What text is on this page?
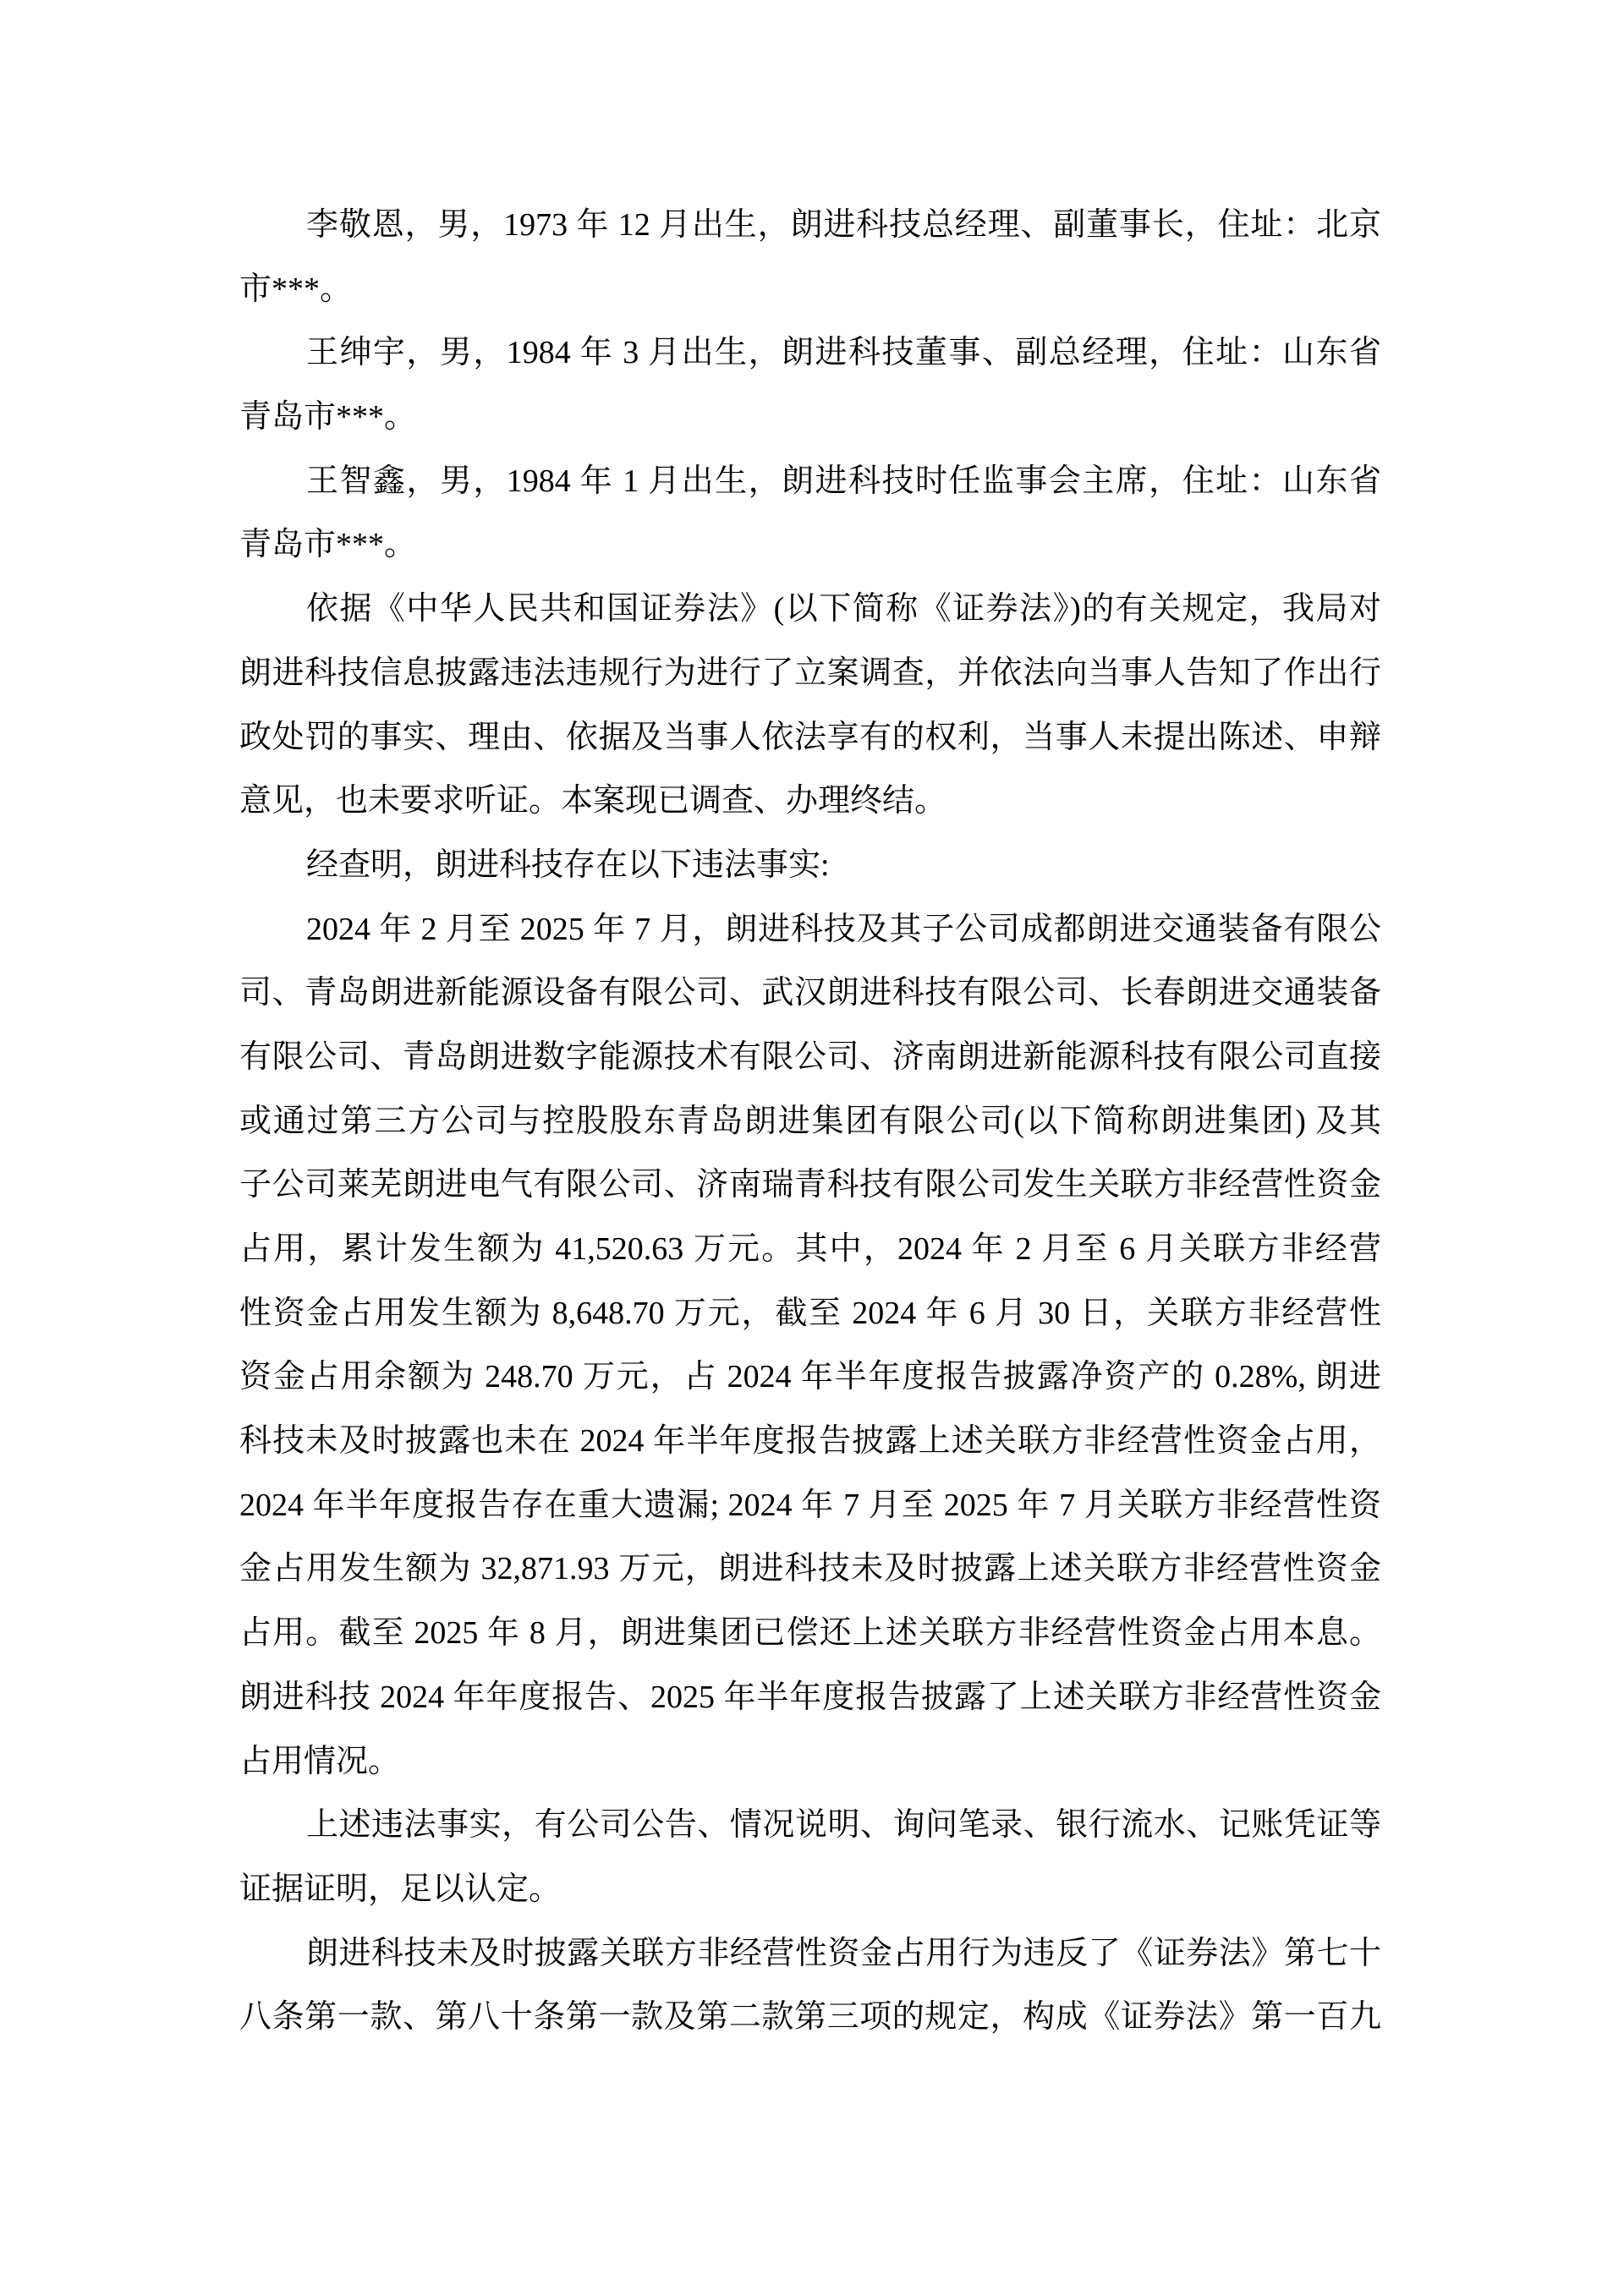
李敬恩，男，1973 年 12 月出生，朗进科技总经理、副董事长，住址：北京
市***。
王绅宇，男，1984 年 3 月出生，朗进科技董事、副总经理，住址：山东省
青岛市***。
王智鑫，男，1984 年 1 月出生，朗进科技时任监事会主席，住址：山东省
青岛市***。
依据《中华人民共和国证券法》(以下简称《证券法》)的有关规定，我局对
朗进科技信息披露违法违规行为进行了立案调查，并依法向当事人告知了作出行
政处罚的事实、理由、依据及当事人依法享有的权利，当事人未提出陈述、申辩
意见，也未要求听证。本案现已调查、办理终结。
经查明，朗进科技存在以下违法事实:
2024 年 2 月至 2025 年 7 月，朗进科技及其子公司成都朗进交通装备有限公
司、青岛朗进新能源设备有限公司、武汉朗进科技有限公司、长春朗进交通装备
有限公司、青岛朗进数字能源技术有限公司、济南朗进新能源科技有限公司直接
或通过第三方公司与控股股东青岛朗进集团有限公司(以下简称朗进集团) 及其
子公司莱芜朗进电气有限公司、济南瑞青科技有限公司发生关联方非经营性资金
占用，累计发生额为 41,520.63 万元。其中，2024 年 2 月至 6 月关联方非经营
性资金占用发生额为 8,648.70 万元，截至 2024 年 6 月 30 日，关联方非经营性
资金占用余额为 248.70 万元，占 2024 年半年度报告披露净资产的 0.28%, 朗进
科技未及时披露也未在 2024 年半年度报告披露上述关联方非经营性资金占用，
2024 年半年度报告存在重大遗漏; 2024 年 7 月至 2025 年 7 月关联方非经营性资
金占用发生额为 32,871.93 万元，朗进科技未及时披露上述关联方非经营性资金
占用。截至 2025 年 8 月，朗进集团已偿还上述关联方非经营性资金占用本息。
朗进科技 2024 年年度报告、2025 年半年度报告披露了上述关联方非经营性资金
占用情况。
上述违法事实，有公司公告、情况说明、询问笔录、银行流水、记账凭证等
证据证明，足以认定。
朗进科技未及时披露关联方非经营性资金占用行为违反了《证券法》第七十
八条第一款、第八十条第一款及第二款第三项的规定，构成《证券法》第一百九
